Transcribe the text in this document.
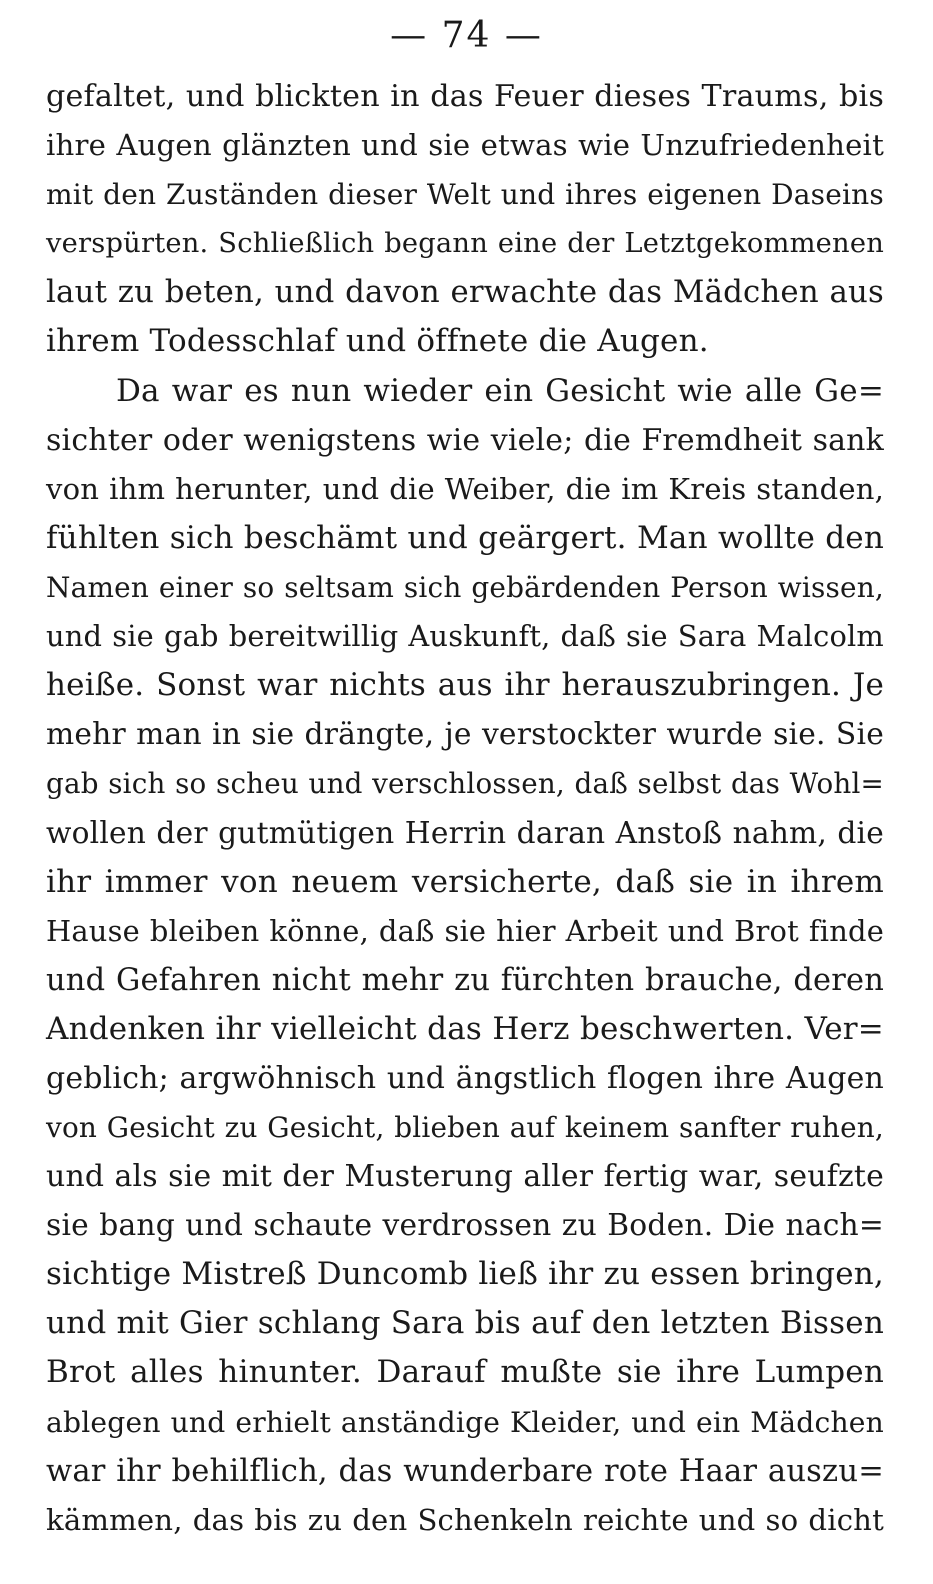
— 74 —
gefaltet, und blickten in das Feuer dieses Traums, bis
ihre Augen glänzten und sie etwas wie Unzufriedenheit
mit den Zuständen dieser Welt und ihres eigenen Daseins
verspürten. Schließlich begann eine der Letztgekommenen
laut zu beten, und davon erwachte das Mädchen aus
ihrem Todesschlaf und öffnete die Augen.
Da war es nun wieder ein Gesicht wie alle Ge=
sichter oder wenigstens wie viele; die Fremdheit sank
von ihm herunter, und die Weiber, die im Kreis standen,
fühlten sich beschämt und geärgert. Man wollte den
Namen einer so seltsam sich gebärdenden Person wissen,
und sie gab bereitwillig Auskunft, daß sie Sara Malcolm
heiße. Sonst war nichts aus ihr herauszubringen. Je
mehr man in sie drängte, je verstockter wurde sie. Sie
gab sich so scheu und verschlossen, daß selbst das Wohl=
wollen der gutmütigen Herrin daran Anstoß nahm, die
ihr immer von neuem versicherte, daß sie in ihrem
Hause bleiben könne, daß sie hier Arbeit und Brot finde
und Gefahren nicht mehr zu fürchten brauche, deren
Andenken ihr vielleicht das Herz beschwerten. Ver=
geblich; argwöhnisch und ängstlich flogen ihre Augen
von Gesicht zu Gesicht, blieben auf keinem sanfter ruhen,
und als sie mit der Musterung aller fertig war, seufzte
sie bang und schaute verdrossen zu Boden. Die nach=
sichtige Mistreß Duncomb ließ ihr zu essen bringen,
und mit Gier schlang Sara bis auf den letzten Bissen
Brot alles hinunter. Darauf mußte sie ihre Lumpen
ablegen und erhielt anständige Kleider, und ein Mädchen
war ihr behilflich, das wunderbare rote Haar auszu=
kämmen, das bis zu den Schenkeln reichte und so dicht
